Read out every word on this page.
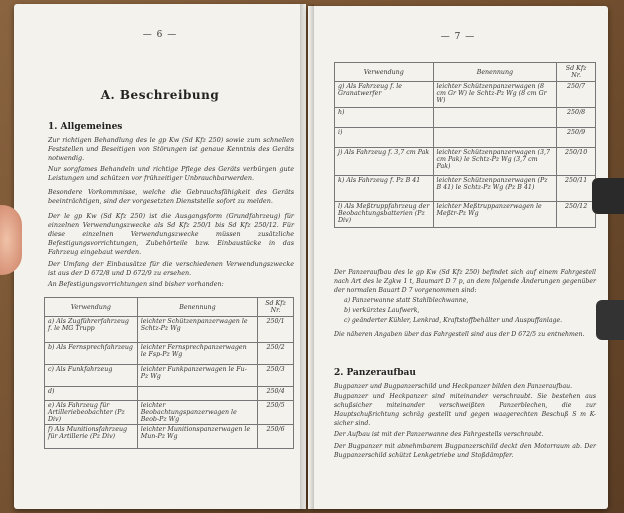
— 6 —
A. Beschreibung
1. Allgemeines
Zur richtigen Behandlung des le gp Kw (Sd Kfz 250) sowie zum schnellen Feststellen und Beseitigen von Störungen ist genaue Kenntnis des Geräts notwendig.
Nur sorgfames Behandeln und richtige Pflege des Geräts verbürgen gute Leistungen und schützen vor frühzeitiger Unbrauchbarwerden.
Besondere Vorkommnisse, welche die Gebrauchsfähigkeit des Geräts beeinträchtigen, sind der vorgesetzten Dienststelle sofort zu melden.
Der le gp Kw (Sd Kfz 250) ist die Ausgangsform (Grundfahrzeug) für einzelnen Verwendungszwecke als Sd Kfz 250/1 bis Sd Kfz 250/12. Für diese einzelnen Verwendungszwecke müssen zusätzliche Befestigungsvorrichtungen, Zubehörteile bzw. Einbaustücke in das Fahrzeug eingebaut werden.
Der Umfang der Einbausätze für die verschiedenen Verwendungszwecke ist aus der D 672/8 und D 672/9 zu ersehen.
An Befestigungsvorrichtungen sind bisher vorhanden:
Verwendung	Benennung	Sd Kfz Nr.
a) Als Zugführerfahrzeug f. le MG Trupp	leichter Schützenpanzerwagen le Schtz-Pz Wg	250/1
b) Als Fernsprechfahrzeug	leichter Fernsprechpanzerwagen le Fsp-Pz Wg	250/2
c) Als Funkfahrzeug	leichter Funkpanzerwagen le Fu-Pz Wg	250/3
d)		250/4
e) Als Fahrzeug für Artilleriebeobachter (Pz Div)	leichter Beobachtungspanzerwagen le Beob-Pz Wg	250/5
f) Als Munitionsfahrzeug für Artillerie (Pz Div)	leichter Munitionspanzerwagen le Mun-Pz Wg	250/6
— 7 —
Verwendung	Benennung	Sd Kfz Nr.
g) Als Fahrzeug f. le Granatwerfer	leichter Schützenpanzerwagen (8 cm Gr W) le Schtz-Pz Wg (8 cm Gr W)	250/7
h)		250/8
i)		250/9
j) Als Fahrzeug f. 3,7 cm Pak	leichter Schützenpanzerwagen (3,7 cm Pak) le Schtz-Pz Wg (3,7 cm Pak)	250/10
k) Als Fahrzeug f. Pz B 41	leichter Schützenpanzerwagen (Pz B 41) le Schtz-Pz Wg (Pz B 41)	250/11
l) Als Meßtruppfahrzeug der Beobachtungsbatterien (Pz Div)	leichter Meßtruppanzerwagen le Meßtr-Pz Wg	250/12
Der Panzeraufbau des le gp Kw (Sd Kfz 250) befindet sich auf einem Fahrgestell nach Art des le Zgkw 1 t, Baumart D 7 p, an dem folgende Änderungen gegenüber der normalen Bauart D 7 vorgenommen sind:
a) Panzerwanne statt Stahlblechwanne,
b) verkürztes Laufwerk,
c) geänderter Kühler, Lenkrad, Kraftstoffbehälter und Auspuffanlage.
Die näheren Angaben über das Fahrgestell sind aus der D 672/5 zu entnehmen.
2. Panzeraufbau
Bugpanzer und Bugpanzerschild und Heckpanzer bilden den Panzeraufbau.
Bugpanzer und Heckpanzer sind miteinander verschraubt. Sie bestehen aus schußsicher miteinander verschweißten Panzerblechen, die zur Hauptschußrichtung schräg gestellt und gegen waagerechten Beschuß S m K-sicher sind.
Der Aufbau ist mit der Panzerwanne des Fahrgestells verschraubt.
Der Bugpanzer mit abnehmbarem Bugpanzerschild deckt den Motorraum ab. Der Bugpanzerschild schützt Lenkgetriebe und Stoßdämpfer.
